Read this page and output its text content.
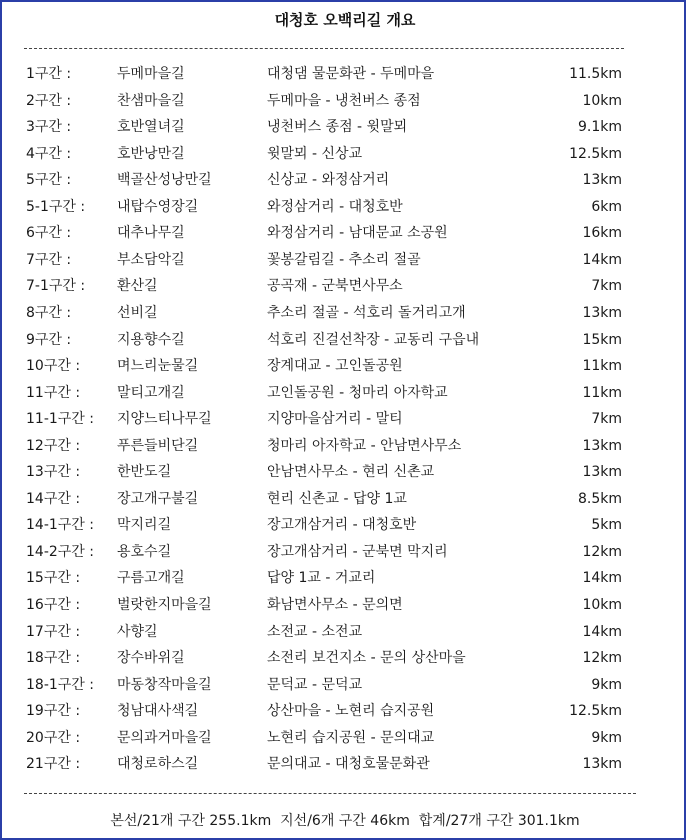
대청호 오백리길 개요
1구간 :	두메마을길	대청댐 물문화관 - 두메마을	11.5km
2구간 :	찬샘마을길	두메마을 - 냉천버스 종점	10km
3구간 :	호반열녀길	냉천버스 종점 - 윗말뫼	9.1km
4구간 :	호반낭만길	윗말뫼 - 신상교	12.5km
5구간 :	백골산성낭만길	신상교 - 와정삼거리	13km
5-1구간 : 내탑수영장길	와정삼거리 - 대청호반	6km
6구간 :	대추나무길	와정삼거리 - 남대문교 소공원	16km
7구간 :	부소담악길	꽃봉갈림길 - 추소리 절골	14km
7-1구간 : 환산길	공곡재 - 군북면사무소	7km
8구간 :	선비길	추소리 절골 - 석호리 돌거리고개	13km
9구간 :	지용향수길	석호리 진걸선착장 - 교동리 구읍내	15km
10구간 :	며느리눈물길	장계대교 - 고인돌공원	11km
11구간 :	말티고개길	고인돌공원 - 청마리 아자학교	11km
11-1구간 : 지양느티나무길	지양마을삼거리 - 말티	7km
12구간 :	푸른들비단길	청마리 아자학교 - 안남면사무소	13km
13구간 :	한반도길	안남면사무소 - 현리 신촌교	13km
14구간 :	장고개구불길	현리 신촌교 - 답양 1교	8.5km
14-1구간 : 막지리길	장고개삼거리 - 대청호반	5km
14-2구간 : 용호수길	장고개삼거리 - 군북면 막지리	12km
15구간 :	구름고개길	답양 1교 - 거교리	14km
16구간 :	벌랏한지마을길	화남면사무소 - 문의면	10km
17구간 :	사향길	소전교 - 소전교	14km
18구간 :	장수바위길	소전리 보건지소 - 문의 상산마을	12km
18-1구간 : 마동창작마을길	문덕교 - 문덕교	9km
19구간 :	청남대사색길	상산마을 - 노현리 습지공원	12.5km
20구간 :	문의과거마을길	노현리 습지공원 - 문의대교	9km
21구간 :	대청로하스길	문의대교 - 대청호물문화관	13km
본선/21개 구간 255.1km 지선/6개 구간 46km 합계/27개 구간 301.1km
